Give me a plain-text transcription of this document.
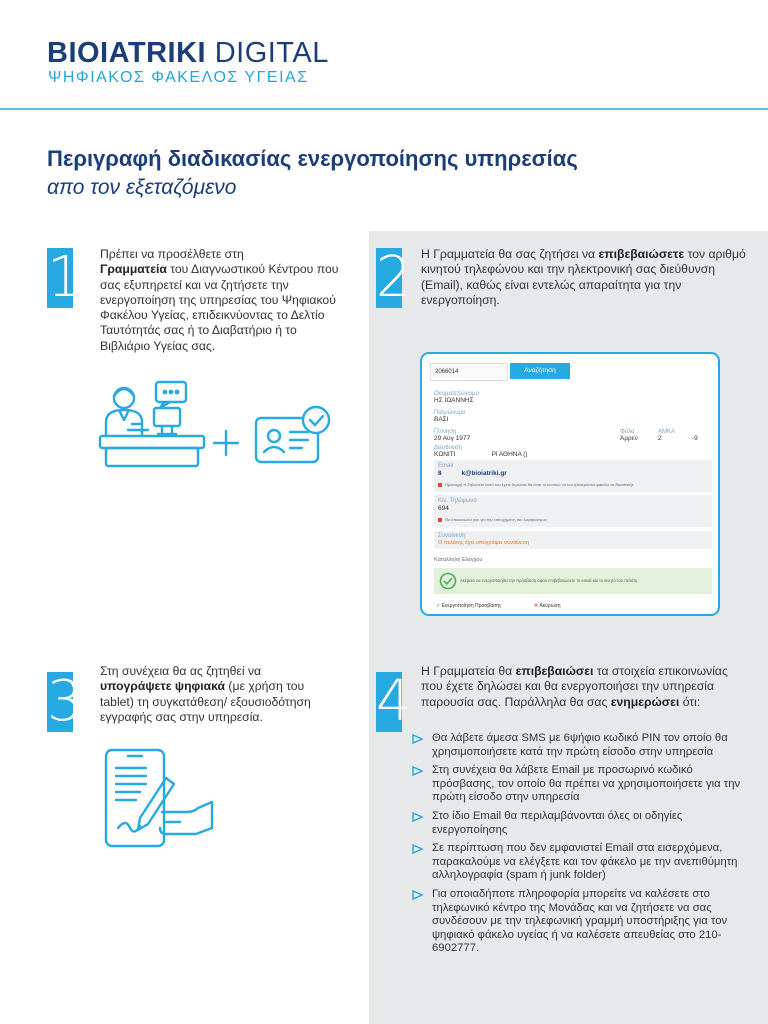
BIOIATRIKI DIGITAL
ΨΗΦΙΑΚΟΣ ΦΑΚΕΛΟΣ ΥΓΕΙΑΣ
Περιγραφή διαδικασίας ενεργοποίησης υπηρεσίας
απο τον εξεταζόμενο
1 Πρέπει να προσέλθετε στη
Γραμματεία του Διαγνωστικού Κέντρου που σας εξυπηρετεί και να ζητήσετε την ενεργοποίηση της υπηρεσίας του Ψηφιακού Φακέλου Υγείας, επιδεικνύοντας το Δελτίο Ταυτότητάς σας ή το Διαβατήριο ή το Βιβλιάριο Υγείας σας.
2 Η Γραμματεία θα σας ζητήσει να επιβεβαιώσετε τον αριθμό κινητού τηλεφώνου και την ηλεκτρονική σας διεύθυνση (Email), καθώς είναι εντελώς απαραίτητα για την ενεργοποίηση.
3 Στη συνέχεια θα ας ζητηθεί να υπογράψετε ψηφιακά (με χρήση του tablet) τη συγκατάθεση/ εξουσιοδότηση εγγραφής σας στην υπηρεσία.	4 Η Γραμματεία θα επιβεβαιώσει τα στοιχεία επικοινωνίας που έχετε δηλώσει και θα ενεργοποιήσει την υπηρεσία παρουσία σας. Παράλληλα θα σας ενημερώσει ότι:
2066014	Αναζήτηση
Ονοματεπώνυμο
ΗΣ ΙΩΑΝΝΗΣ
Πατρώνυμο
ΒΑΣΙ
Γέννηση
29 Αυγ 1977
Φύλο
Άρρεν
ΑΜΚΑ
2	-9
Διεύθυνση
ΚΩΝΙΤΙ                    Ρί ΑΘΗΝΑ ()
Email
8           k@bioiatriki.gr
Προσοχή! Η δηλώνετε αυτό του έχετε δηλώσει θα είναι το κυστικό να του ηλεκτρονικό φάκελο τα δικαστικής
Κιν. Τηλέφωνο
694
Θα επικοινωνεί για: για την επιτυχημένη του λογαριασμού
Συναίνεση
Ο πελάτης έχει υπογράψει συναίνεση
Καταλληλή Ελέγχου
Ακέραιο να ενεργοποιηθεί την πρόσβαση αφού επιβεβαιώσετε το email και το κινητό του πελάτη
✓ Ενεργοποίηση Πρόσβασης	✕ Ακύρωση
Θα λάβετε άμεσα SMS με 6ψήφιο κωδικό PIN τον οποίο θα χρησιμοποιήσετε κατά την πρώτη είσοδο στην υπηρεσία
Στη συνέχεια θα λάβετε Email με προσωρινό κωδικό πρόσβασης, τον οποίο θα πρέπει να χρησιμοποιήσετε για την πρώτη είσοδο στην υπηρεσία
Στο ίδιο Email θα περιλαμβάνονται όλες οι οδηγίες ενεργοποίησης
Σε περίπτωση που δεν εμφανιστεί Email στα εισερχόμενα, παρακαλούμε να ελέγξετε και τον φάκελο με την ανεπιθύμητη αλληλογραφία (spam ή junk folder)
Για οποιαδήποτε πληροφορία μπορείτε να καλέσετε στο τηλεφωνικό κέντρο της Μονάδας και να ζητήσετε να σας συνδέσουν με την τηλεφωνική γραμμή υποστήριξης για τον ψηφιακό φάκελο υγείας ή να καλέσετε απευθείας στο 210- 6902777.
